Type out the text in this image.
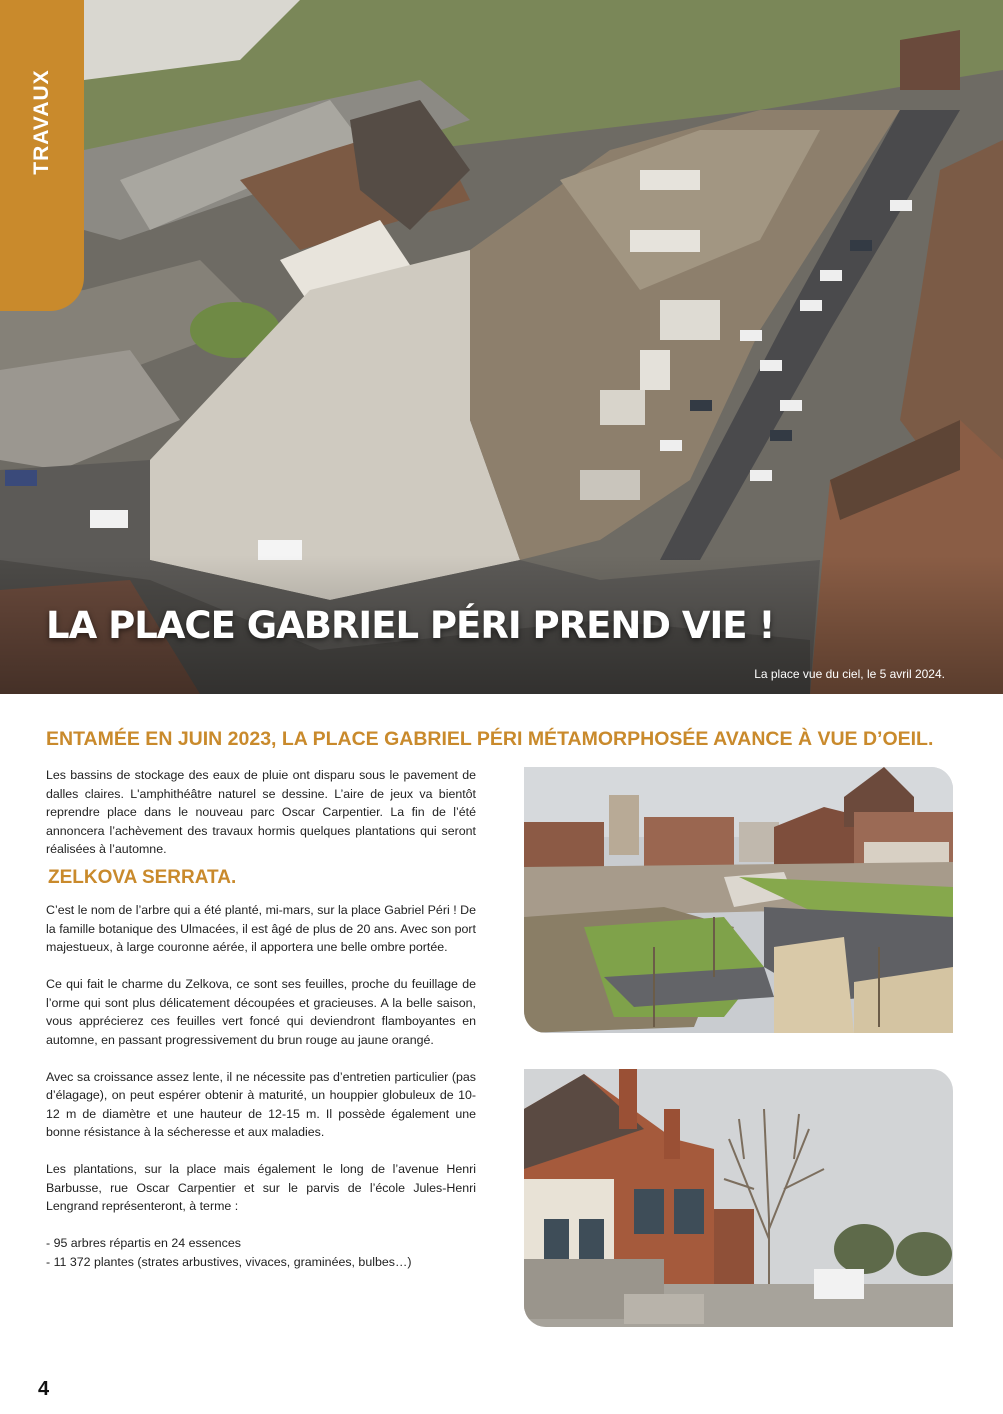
TRAVAUX
LA PLACE GABRIEL PÉRI PREND VIE !
La place vue du ciel, le 5 avril 2024.
ENTAMÉE EN JUIN 2023, LA PLACE GABRIEL PÉRI MÉTAMORPHOSÉE AVANCE À VUE D’OEIL.

Les bassins de stockage des eaux de pluie ont disparu sous le pavement de dalles claires. L'amphithéâtre naturel se dessine. L’aire de jeux va bientôt reprendre place dans le nouveau parc Oscar Carpentier. La fin de l’été annoncera l’achèvement des travaux hormis quelques plantations qui seront réalisées à l’automne.

ZELKOVA SERRATA.

C’est le nom de l’arbre qui a été planté, mi-mars, sur la place Gabriel Péri ! De la famille botanique des Ulmacées, il est âgé de plus de 20 ans. Avec son port majestueux, à large couronne aérée, il apportera une belle ombre portée.

Ce qui fait le charme du Zelkova, ce sont ses feuilles, proche du feuillage de l’orme qui sont plus délicatement découpées et gracieuses. A la belle saison, vous apprécierez ces feuilles vert foncé qui deviendront flamboyantes en automne, en passant progressivement du brun rouge au jaune orangé.

Avec sa croissance assez lente, il ne nécessite pas d’entretien particulier (pas d’élagage), on peut espérer obtenir à maturité, un houppier globuleux de 10-12 m de diamètre et une hauteur de 12-15 m. Il possède également une bonne résistance à la sécheresse et aux maladies.

Les plantations, sur la place mais également le long de l’avenue Henri Barbusse, rue Oscar Carpentier et sur le parvis de l’école Jules-Henri Lengrand représenteront, à terme :

- 95 arbres répartis en 24 essences

- 11 372 plantes (strates arbustives, vivaces, graminées, bulbes…)

4
